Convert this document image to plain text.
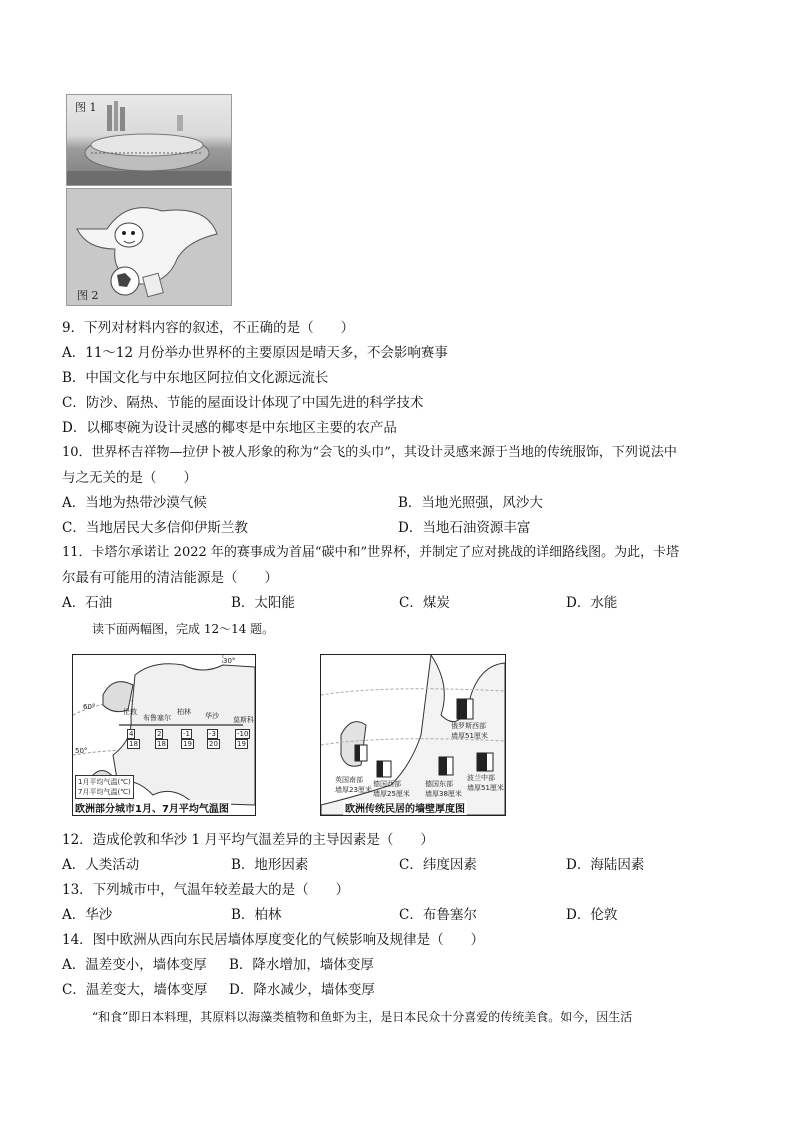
图 1
图 2
9．下列对材料内容的叙述，不正确的是（　　）
A．11～12 月份举办世界杯的主要原因是晴天多，不会影响赛事
B．中国文化与中东地区阿拉伯文化源远流长
C．防沙、隔热、节能的屋面设计体现了中国先进的科学技术
D．以椰枣碗为设计灵感的椰枣是中东地区主要的农产品
10．世界杯吉祥物—拉伊卜被人形象的称为“会飞的头巾”，其设计灵感来源于当地的传统服饰，下列说法中
与之无关的是（　　）
A．当地为热带沙漠气候	B．当地光照强，风沙大
C．当地居民大多信仰伊斯兰教	D．当地石油资源丰富
11．卡塔尔承诺让 2022 年的赛事成为首届“碳中和”世界杯，并制定了应对挑战的详细路线图。为此，卡塔
尔最有可能用的清洁能源是（　　）
A．石油	B．太阳能	C．煤炭	D．水能
读下面两幅图，完成 12～14 题。
60°
50°
30°
伦敦
布鲁塞尔
柏林 华沙 莫斯科
4
18
2
18
-1
19
-3
20
-10
19
1月平均气温(℃)
7月平均气温(℃)
欧洲部分城市1月、7月平均气温图
英国南部
墙厚23厘米
德国西部
墙厚25厘米
德国东部
墙厚38厘米
俄罗斯西部
墙厚51厘米
波兰中部
墙厚51厘米
欧洲传统民居的墙壁厚度图
12．造成伦敦和华沙 1 月平均气温差异的主导因素是（　　）
A．人类活动	B．地形因素	C．纬度因素	D．海陆因素
13．下列城市中，气温年较差最大的是（　　）
A．华沙	B．柏林	C．布鲁塞尔	D．伦敦
14．图中欧洲从西向东民居墙体厚度变化的气候影响及规律是（　　）
A．温差变小，墙体变厚 B．降水增加，墙体变厚
C．温差变大，墙体变厚 D．降水减少，墙体变厚
“和食”即日本料理，其原料以海藻类植物和鱼虾为主，是日本民众十分喜爱的传统美食。如今，因生活
